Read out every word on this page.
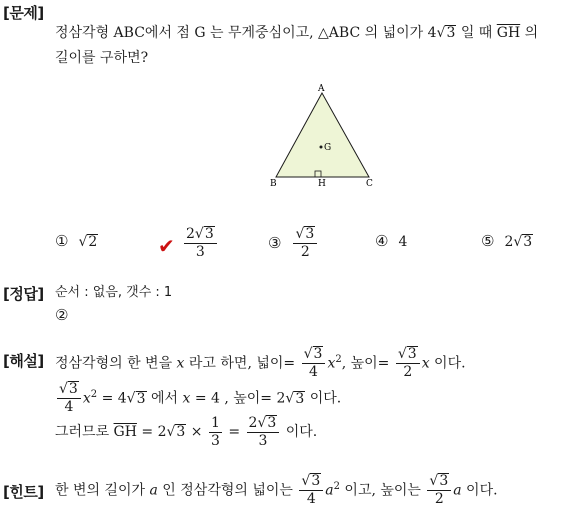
[문제]
정삼각형 ABC에서 점 G 는 무게중심이고, △ABC 의 넓이가 4√3 일 때 $\overline{GH}$ 의
길이를 구하면?
A
B	C
G
H
① √2	✔ $\frac{2√3}{3}$	③ $\frac{√3}{2}$	④ 4	⑤ 2√3
[정답] 순서 : 없음, 갯수 : 1
②
[해설] 정삼각형의 한 변을 x 라고 하면, 넓이= $\frac{√3}{4} x^2$, 높이= $\frac{√3}{2}$ x 이다.
$\frac{√3}{4} x^2 = 4√3$ 에서 x = 4 , 높이= 2√3 이다.
그러므로 $\overline{GH} = 2√3 \times \frac{1}{3} = \frac{2√3}{3}$ 이다.
[힌트] 한 변의 길이가 a 인 정삼각형의 넓이는 $\frac{√3}{4} a^2$ 이고, 높이는 $\frac{√3}{2}$ a 이다.
